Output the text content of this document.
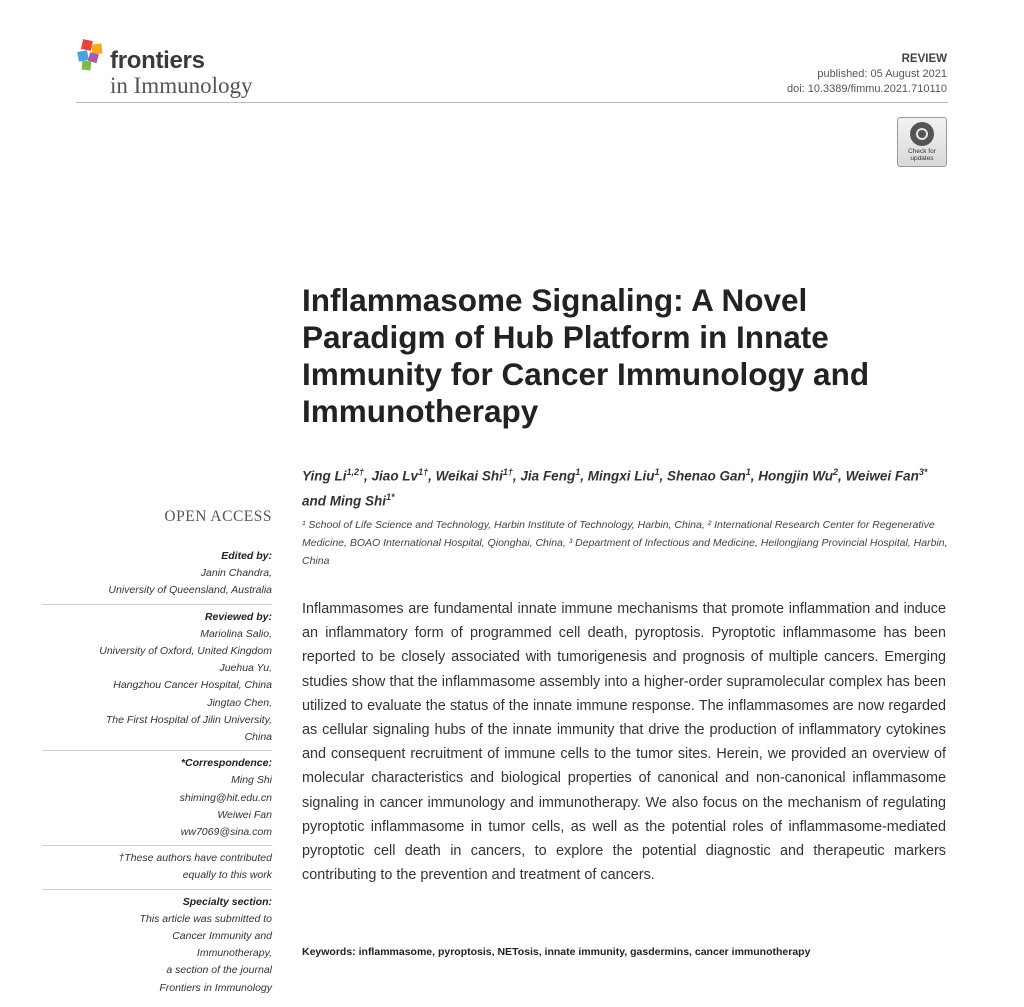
frontiers
in Immunology
REVIEW
published: 05 August 2021
doi: 10.3389/fimmu.2021.710110
Check for
updates
Inflammasome Signaling: A Novel Paradigm of Hub Platform in Innate Immunity for Cancer Immunology and Immunotherapy
Ying $Li^{1,2\dagger}$, Jiao $Lv^{1\dagger}$, Weikai Shi$^{1\dagger}$, Jia Feng$^1$, Mingxi Liu$^1$, Shenao Gan$^1$, Hongjin Wu$^2$, Weiwei Fan$^{3*}$ and Ming Shi$^{1*}$
¹ School of Life Science and Technology, Harbin Institute of Technology, Harbin, China, ² International Research Center for Regenerative Medicine, BOAO International Hospital, Qionghai, China, ³ Department of Infectious and Medicine, Heilongjiang Provincial Hospital, Harbin, China

Inflammasomes are fundamental innate immune mechanisms that promote inflammation and induce an inflammatory form of programmed cell death, pyroptosis. Pyroptotic inflammasome has been reported to be closely associated with tumorigenesis and prognosis of multiple cancers. Emerging studies show that the inflammasome assembly into a higher-order supramolecular complex has been utilized to evaluate the status of the innate immune response. The inflammasomes are now regarded as cellular signaling hubs of the innate immunity that drive the production of inflammatory cytokines and consequent recruitment of immune cells to the tumor sites. Herein, we provided an overview of molecular characteristics and biological properties of canonical and non-canonical inflammasome signaling in cancer immunology and immunotherapy. We also focus on the mechanism of regulating pyroptotic inflammasome in tumor cells, as well as the potential roles of inflammasome-mediated pyroptotic cell death in cancers, to explore the potential diagnostic and therapeutic markers contributing to the prevention and treatment of cancers.

Keywords: inflammasome, pyroptosis, NETosis, innate immunity, gasdermins, cancer immunotherapy
OPEN ACCESS
Edited by:
Janin Chandra,
University of Queensland, Australia
Reviewed by:
Mariolina Salio,
University of Oxford, United Kingdom
Juehua Yu,
Hangzhou Cancer Hospital, China
Jingtao Chen,
The First Hospital of Jilin University,
China
*Correspondence:
Ming Shi
shiming@hit.edu.cn
Weiwei Fan
ww7069@sina.com
†These authors have contributed
equally to this work
Specialty section:
This article was submitted to
Cancer Immunity and
Immunotherapy,
a section of the journal
Frontiers in Immunology
